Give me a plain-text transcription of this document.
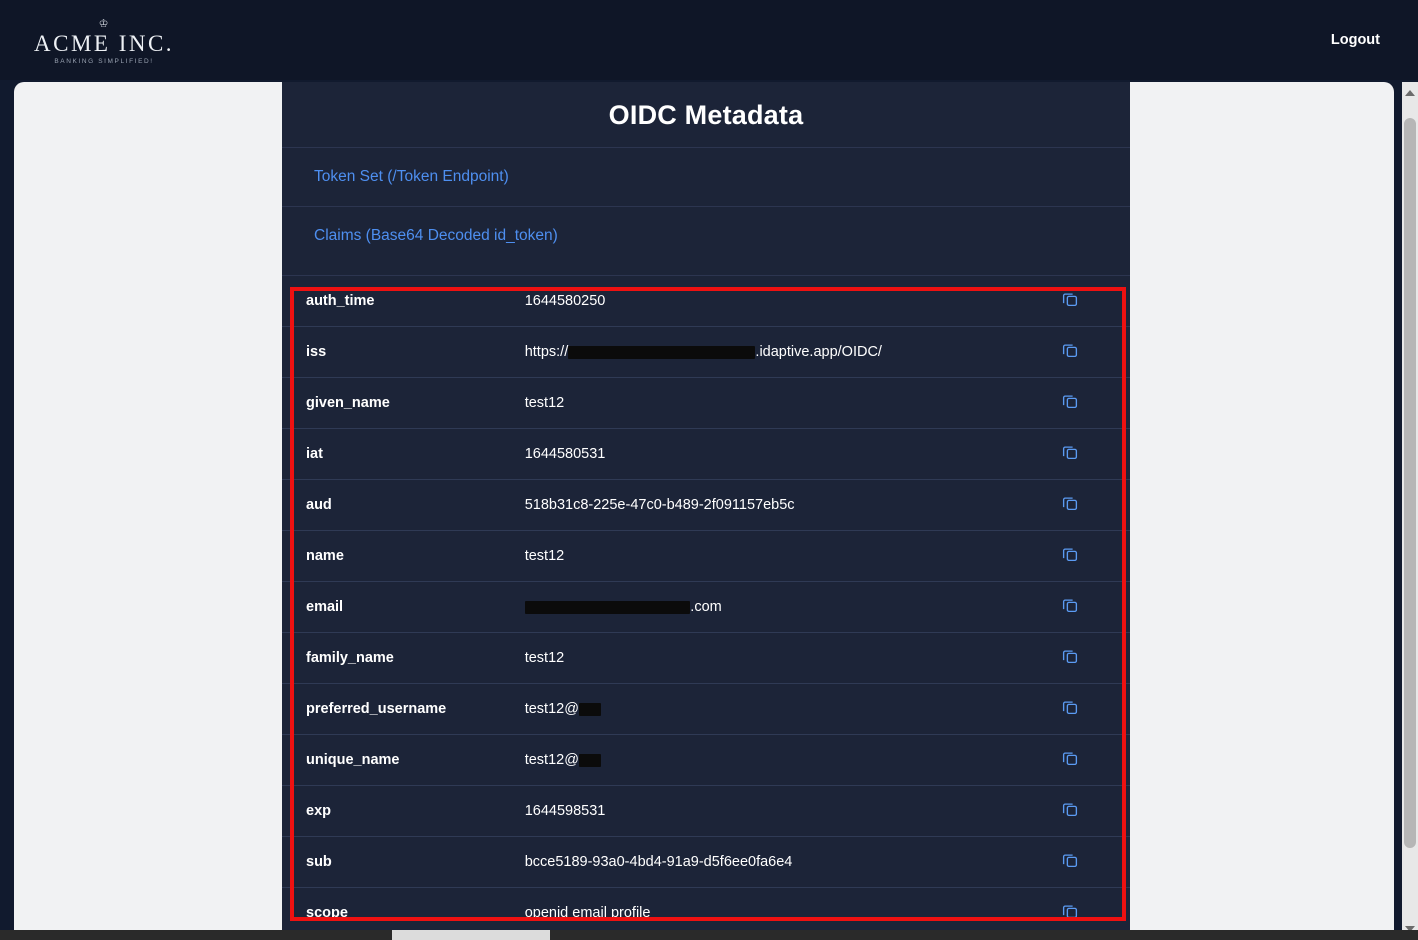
♔
ACME INC.
BANKING SIMPLIFIED!
Logout
OIDC Metadata
Token Set (/Token Endpoint)
Claims (Base64 Decoded id_token)
auth_time	1644580250	
iss	https:// .idaptive.app/OIDC/	
given_name	test12	
iat	1644580531	
aud	518b31c8-225e-47c0-b489-2f091157eb5c	
name	test12	
email	.com	
family_name	test12	
preferred_username	test12@	
unique_name	test12@	
exp	1644598531	
sub	bcce5189-93a0-4bd4-91a9-d5f6ee0fa6e4	
scope	openid email profile	
